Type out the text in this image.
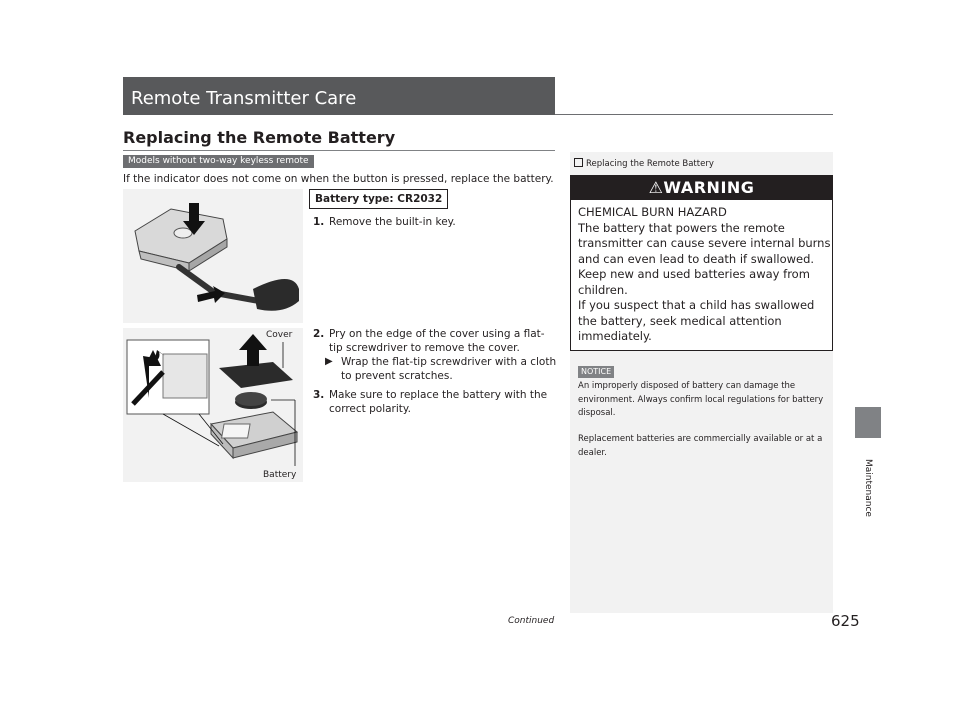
Remote Transmitter Care
Replacing the Remote Battery
Models without two-way keyless remote
If the indicator does not come on when the button is pressed, replace the battery.
Battery type: CR2032
1. Remove the built-in key.
Cover
Battery
2. Pry on the edge of the cover using a flat-tip screwdriver to remove the cover.
▶ Wrap the flat-tip screwdriver with a cloth to prevent scratches.
3. Make sure to replace the battery with the correct polarity.
Replacing the Remote Battery
⚠WARNING
CHEMICAL BURN HAZARD
The battery that powers the remote transmitter can cause severe internal burns and can even lead to death if swallowed. Keep new and used batteries away from children.
If you suspect that a child has swallowed the battery, seek medical attention immediately.
NOTICE
An improperly disposed of battery can damage the environment. Always confirm local regulations for battery disposal.
Replacement batteries are commercially available or at a dealer.
Maintenance
Continued	625
